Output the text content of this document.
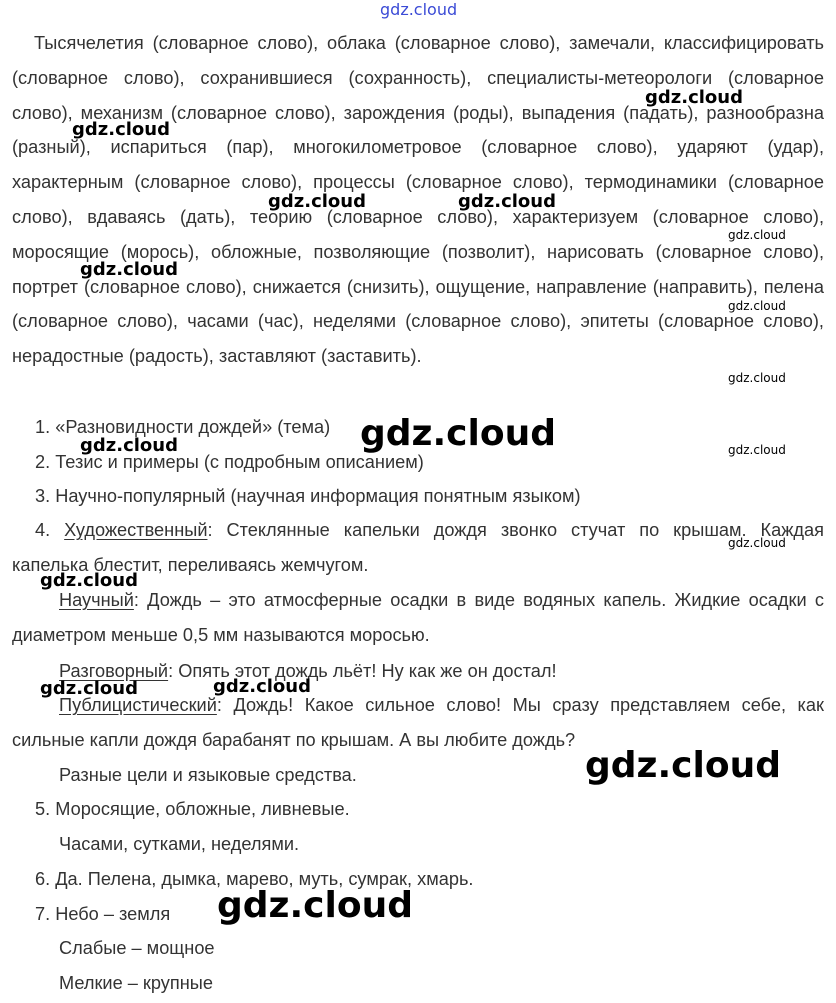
gdz.cloud

Тысячелетия (словарное слово), облака (словарное слово), замечали, классифицировать (словарное слово), сохранившиеся (сохранность), специалисты-метеорологи (словарное слово), механизм (словарное слово), зарождения (роды), выпадения (падать), разнообразна (разный), испариться (пар), многокилометровое (словарное слово), ударяют (удар), характерным (словарное слово), процессы (словарное слово), термодинамики (словарное слово), вдаваясь (дать), теорию (словарное слово), характеризуем (словарное слово), моросящие (морось), обложные, позволяющие (позволит), нарисовать (словарное слово), портрет (словарное слово), снижается (снизить), ощущение, направление (направить), пелена (словарное слово), часами (час), неделями (словарное слово), эпитеты (словарное слово), нерадостные (радость), заставляют (заставить).

1. «Разновидности дождей» (тема)
2. Тезис и примеры (с подробным описанием)
3. Научно-популярный (научная информация понятным языком)

4. Художественный: Стеклянные капельки дождя звонко стучат по крышам. Каждая капелька блестит, переливаясь жемчугом.

Научный: Дождь – это атмосферные осадки в виде водяных капель. Жидкие осадки с диаметром меньше 0,5 мм называются моросью.

Разговорный: Опять этот дождь льёт! Ну как же он достал!

Публицистический: Дождь! Какое сильное слово! Мы сразу представляем себе, как сильные капли дождя барабанят по крышам. А вы любите дождь?

Разные цели и языковые средства.
5. Моросящие, обложные, ливневые.
Часами, сутками, неделями.
6. Да. Пелена, дымка, марево, муть, сумрак, хмарь.
7. Небо – земля
Слабые – мощное
Мелкие – крупные
gdz.cloud
gdz.cloud
gdz.cloud	gdz.cloud
gdz.cloud
gdz.cloud
gdz.cloud
gdz.cloud
gdz.cloud
gdz.cloud	gdz.cloud
gdz.cloud
gdz.cloud
gdz.cloud	gdz.cloud
gdz.cloud
gdz.cloud
